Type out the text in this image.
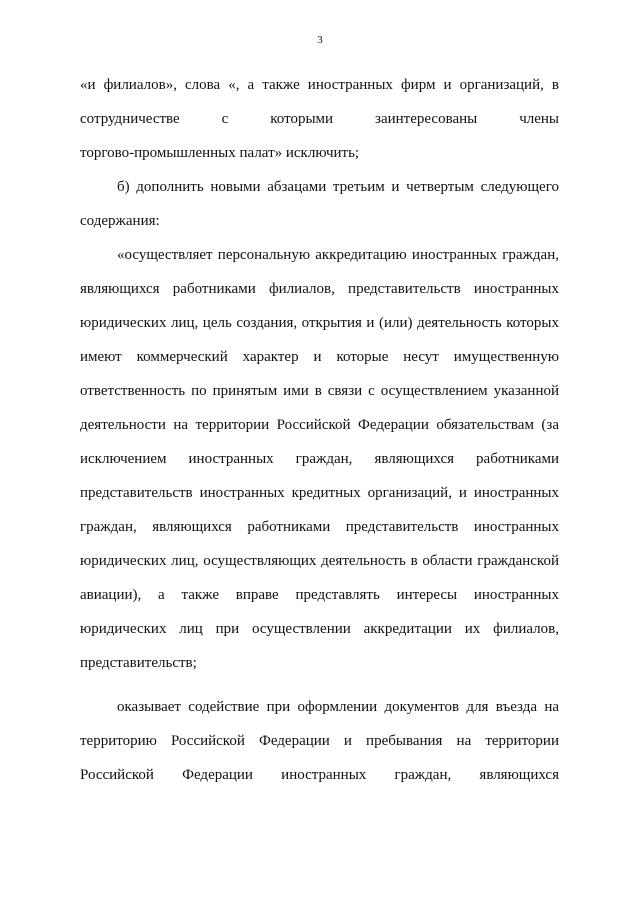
3
«и филиалов», слова «, а также иностранных фирм и организаций, в
сотрудничестве с которыми заинтересованы члены
торгово-промышленных палат» исключить;
б) дополнить новыми абзацами третьим и четвертым следующего
содержания:
«осуществляет персональную аккредитацию иностранных граждан,
являющихся работниками филиалов, представительств иностранных
юридических лиц, цель создания, открытия и (или) деятельность которых
имеют коммерческий характер и которые несут имущественную
ответственность по принятым ими в связи с осуществлением указанной
деятельности на территории Российской Федерации обязательствам (за
исключением иностранных граждан, являющихся работниками
представительств иностранных кредитных организаций, и иностранных
граждан, являющихся работниками представительств иностранных
юридических лиц, осуществляющих деятельность в области гражданской
авиации), а также вправе представлять интересы иностранных
юридических лиц при осуществлении аккредитации их филиалов,
представительств;
оказывает содействие при оформлении документов для въезда на
территорию Российской Федерации и пребывания на территории
Российской Федерации иностранных граждан, являющихся
